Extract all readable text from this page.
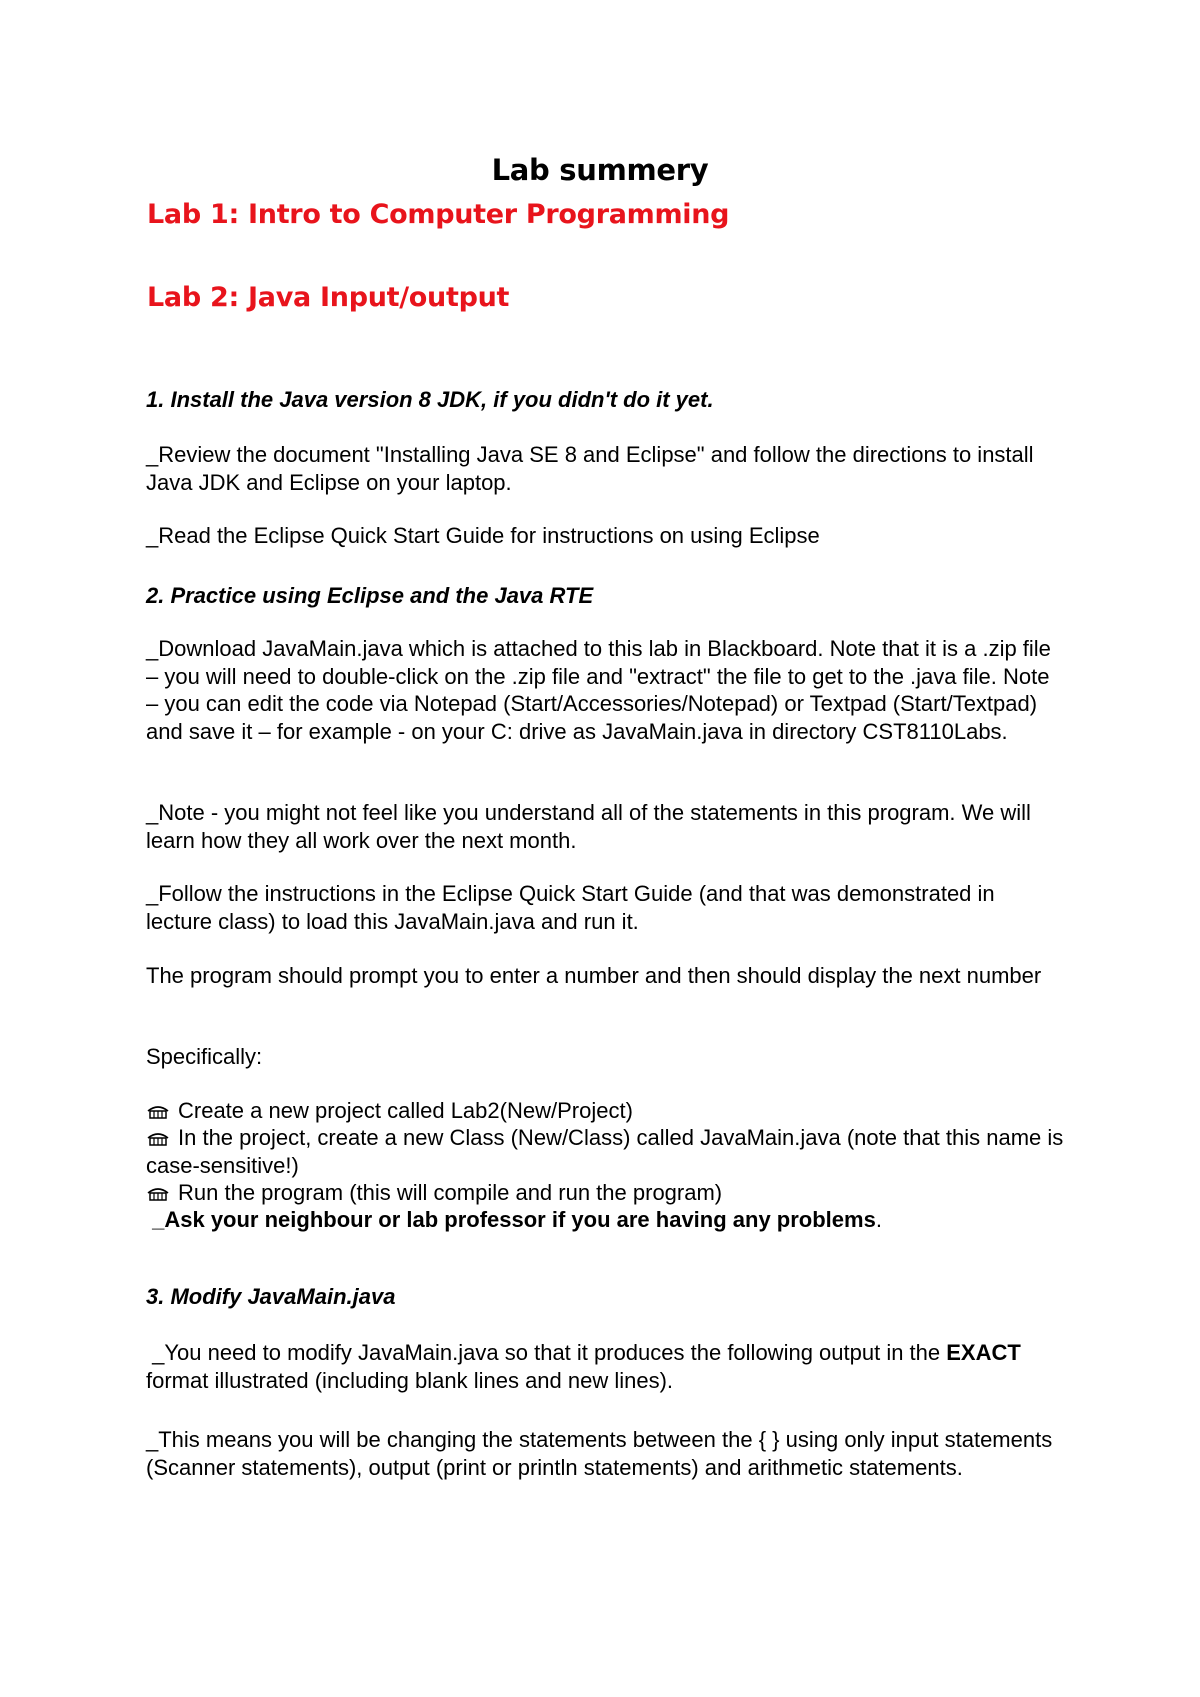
Lab summery
Lab 1: Intro to Computer Programming
Lab 2: Java Input/output
1. Install the Java version 8 JDK, if you didn't do it yet.
_Review the document "Installing Java SE 8 and Eclipse" and follow the directions to install Java JDK and Eclipse on your laptop.
_Read the Eclipse Quick Start Guide for instructions on using Eclipse
2. Practice using Eclipse and the Java RTE
_Download JavaMain.java which is attached to this lab in Blackboard. Note that it is a .zip file – you will need to double-click on the .zip file and "extract" the file to get to the .java file. Note – you can edit the code via Notepad (Start/Accessories/Notepad) or Textpad (Start/Textpad) and save it – for example - on your C: drive as JavaMain.java in directory CST8110Labs.
_Note - you might not feel like you understand all of the statements in this program. We will learn how they all work over the next month.
_Follow the instructions in the Eclipse Quick Start Guide (and that was demonstrated in lecture class) to load this JavaMain.java and run it.
The program should prompt you to enter a number and then should display the next number
Specifically:
Create a new project called Lab2(New/Project)
In the project, create a new Class (New/Class) called JavaMain.java (note that this name is case-sensitive!)
Run the program (this will compile and run the program)
_Ask your neighbour or lab professor if you are having any problems.
3. Modify JavaMain.java
_You need to modify JavaMain.java so that it produces the following output in the EXACT format illustrated (including blank lines and new lines).
_This means you will be changing the statements between the { } using only input statements (Scanner statements), output (print or println statements) and arithmetic statements.
